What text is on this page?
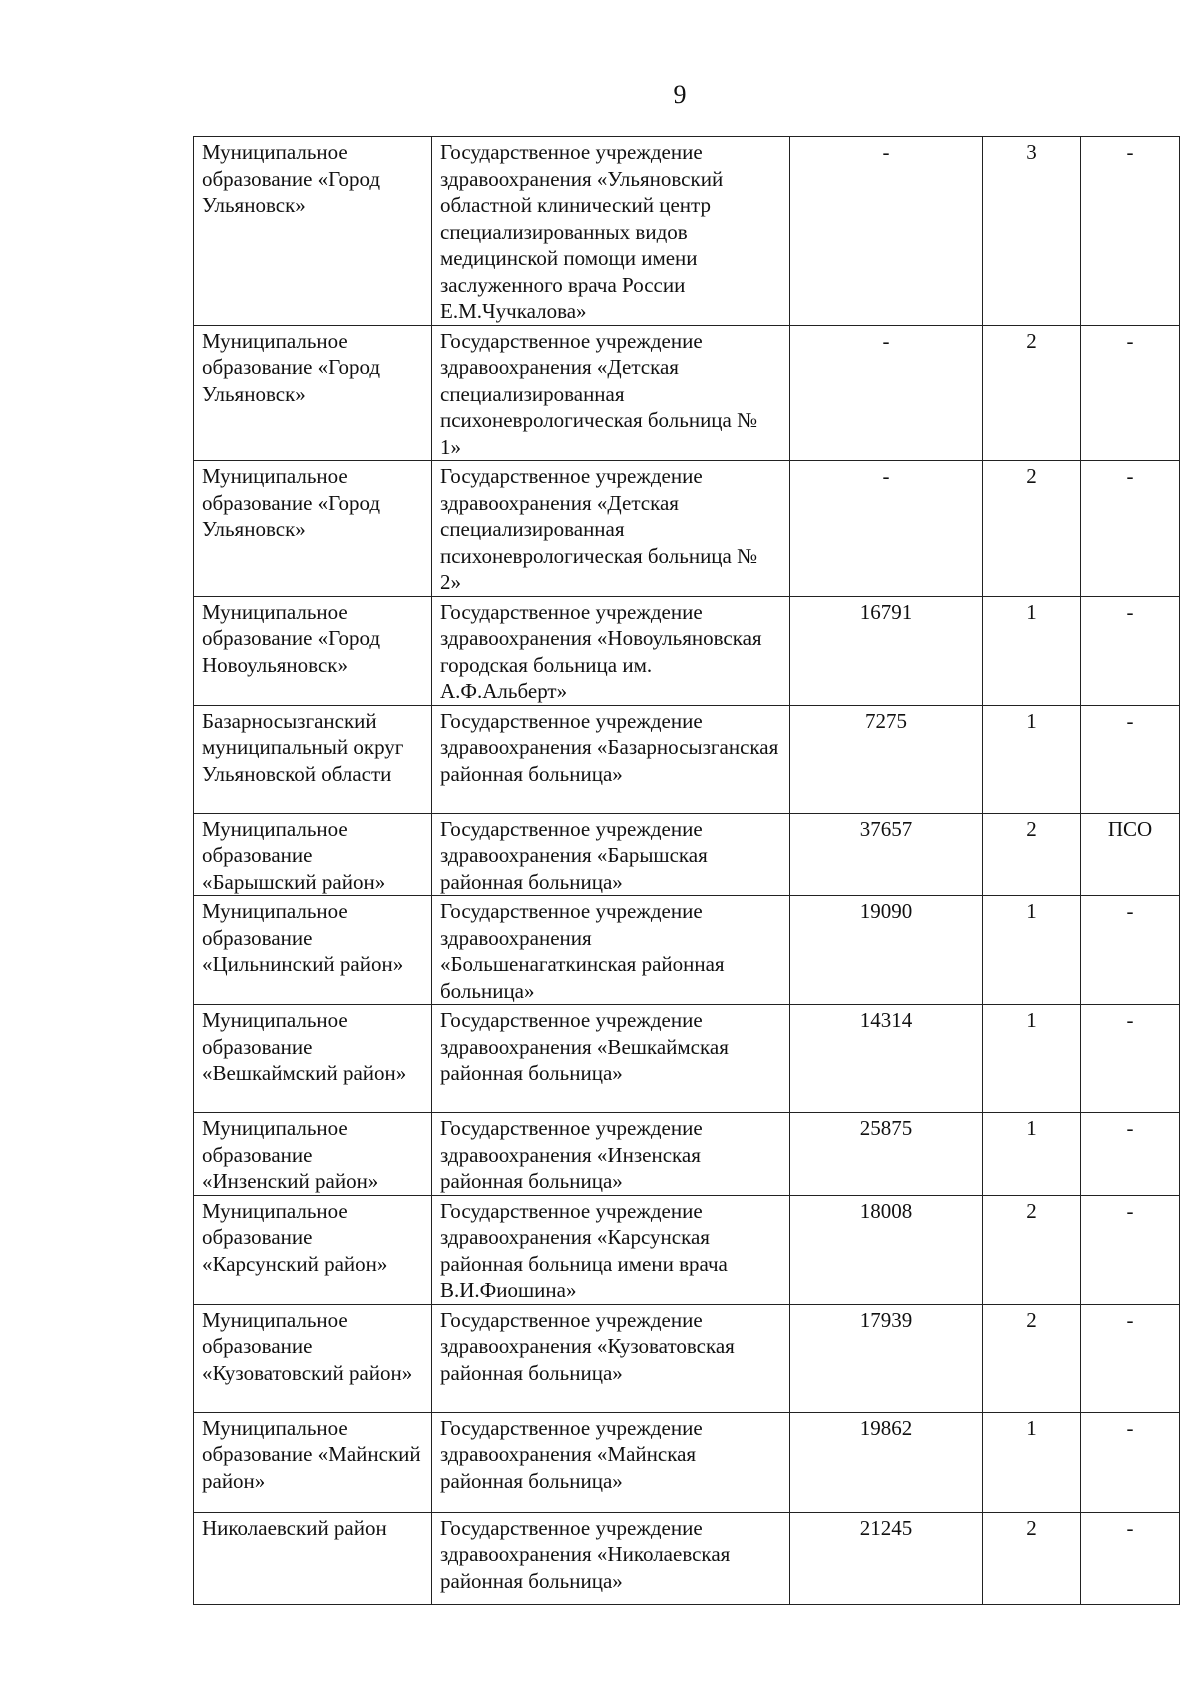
9
Муниципальное образование «Город Ульяновск»	Государственное учреждение здравоохранения «Ульяновский областной клинический центр специализированных видов медицинской помощи имени заслуженного врача России Е.М.Чучкалова»	-	3	-
Муниципальное образование «Город Ульяновск»	Государственное учреждение здравоохранения «Детская специализированная психоневрологическая больница № 1»	-	2	-
Муниципальное образование «Город Ульяновск»	Государственное учреждение здравоохранения «Детская специализированная психоневрологическая больница № 2»	-	2	-
Муниципальное образование «Город Новоульяновск»	Государственное учреждение здравоохранения «Новоульяновская городская больница им. А.Ф.Альберт»	16791	1	-
Базарносызганский муниципальный округ Ульяновской области	Государственное учреждение здравоохранения «Базарносызганская районная больница»	7275	1	-
Муниципальное образование «Барышский район»	Государственное учреждение здравоохранения «Барышская районная больница»	37657	2	ПСО
Муниципальное образование «Цильнинский район»	Государственное учреждение здравоохранения «Большенагаткинская районная больница»	19090	1	-
Муниципальное образование «Вешкаймский район»	Государственное учреждение здравоохранения «Вешкаймская районная больница»	14314	1	-
Муниципальное образование «Инзенский район»	Государственное учреждение здравоохранения «Инзенская районная больница»	25875	1	-
Муниципальное образование «Карсунский район»	Государственное учреждение здравоохранения «Карсунская районная больница имени врача В.И.Фиошина»	18008	2	-
Муниципальное образование «Кузоватовский район»	Государственное учреждение здравоохранения «Кузоватовская районная больница»	17939	2	-
Муниципальное образование «Майнский район»	Государственное учреждение здравоохранения «Майнская районная больница»	19862	1	-
Николаевский район	Государственное учреждение здравоохранения «Николаевская районная больница»	21245	2	-
